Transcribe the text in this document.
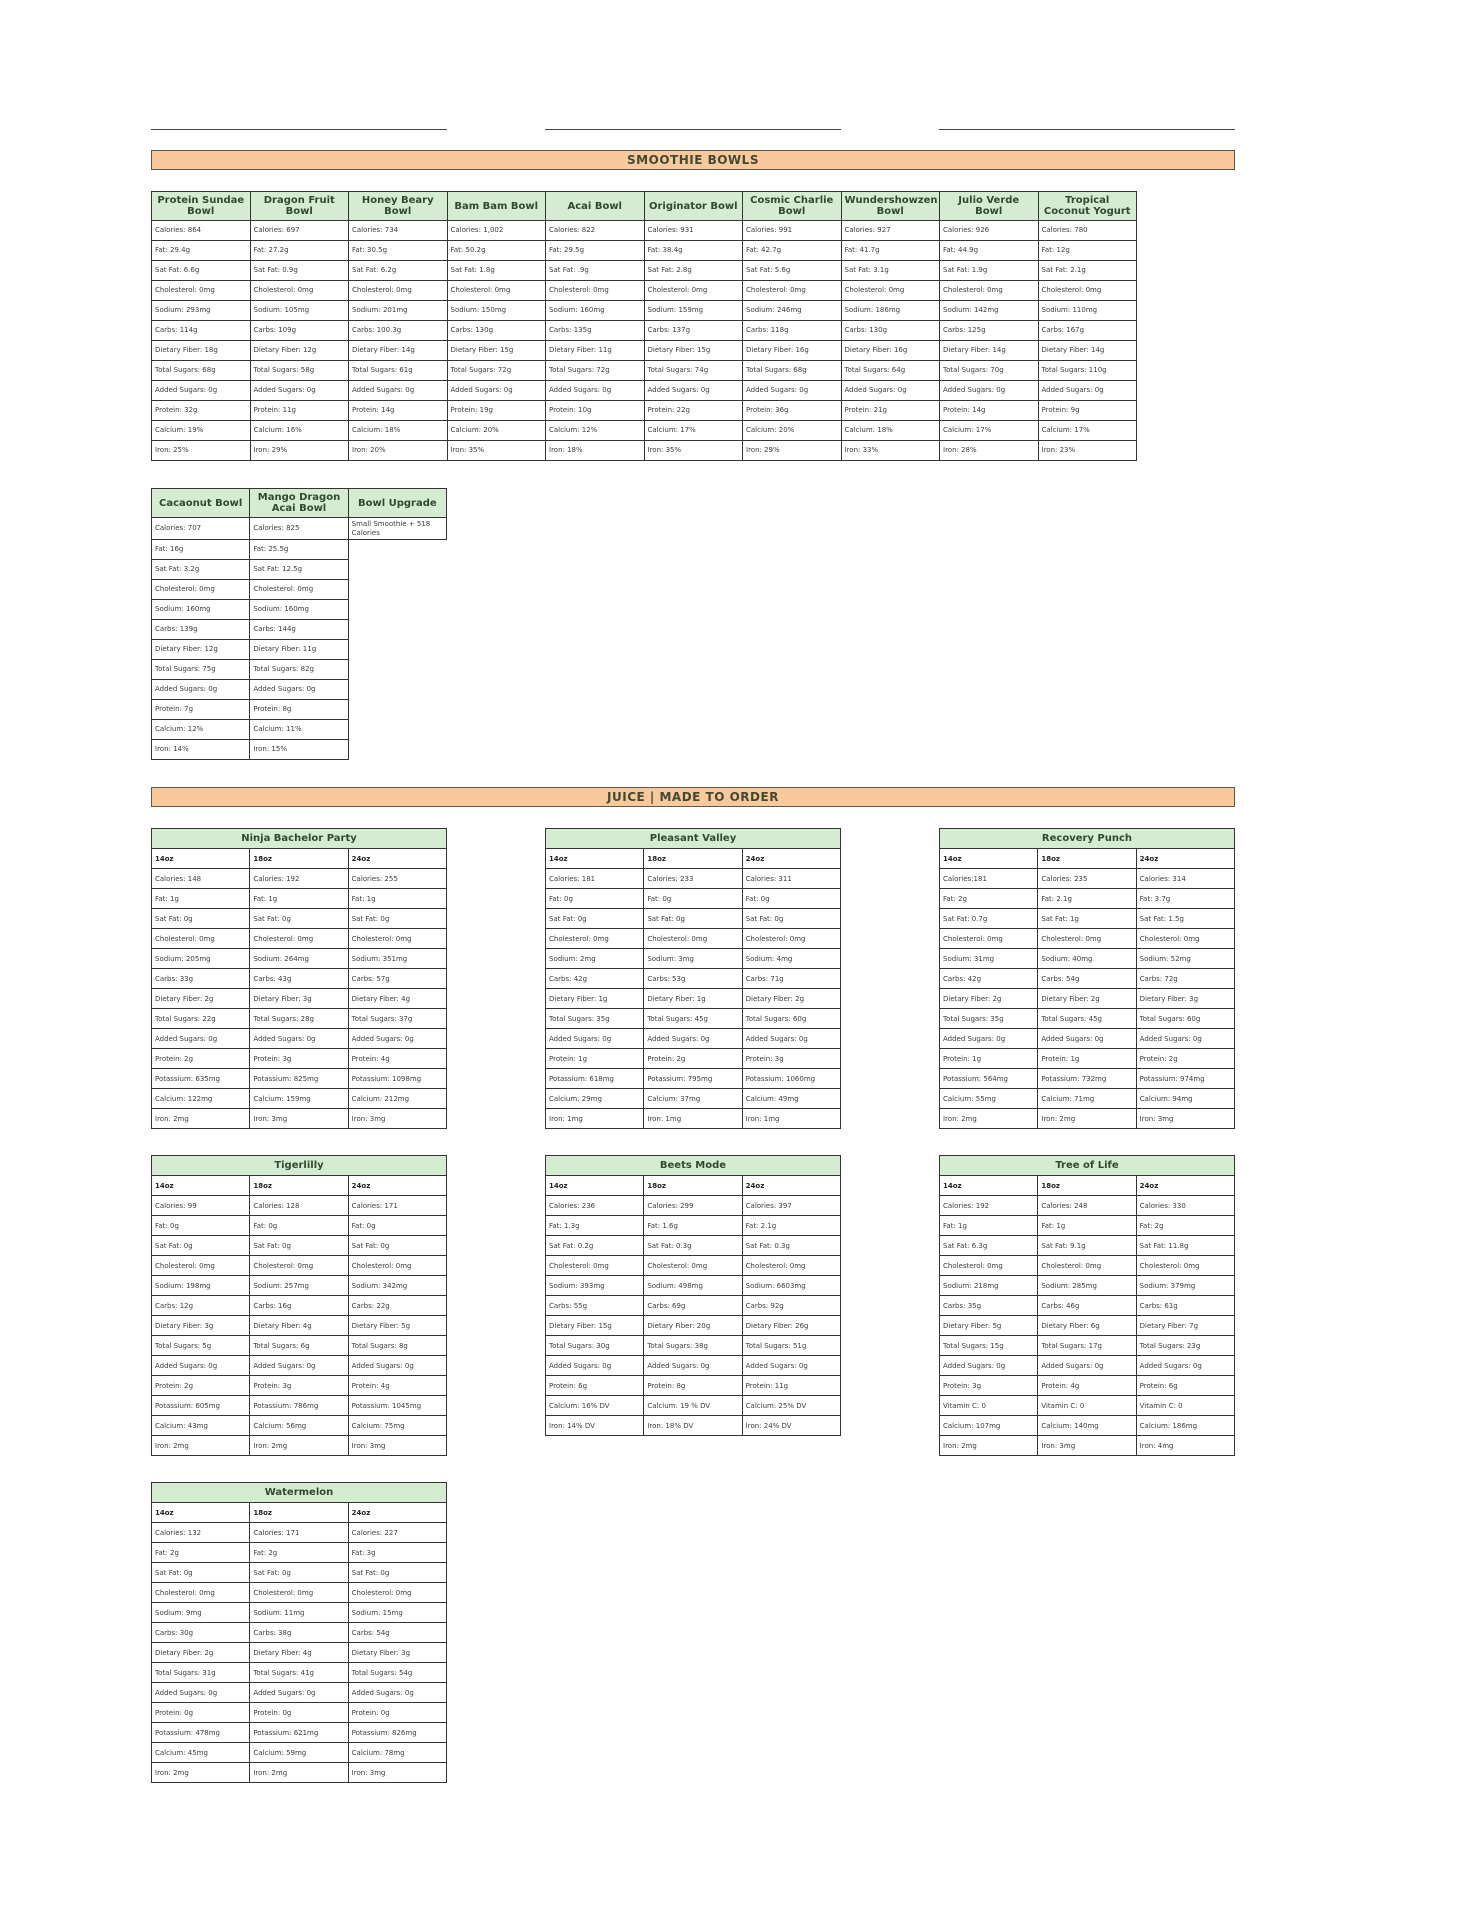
SMOOTHIE BOWLS
JUICE | MADE TO ORDER
Protein Sundae Bowl	Dragon Fruit Bowl	Honey Beary Bowl	Bam Bam Bowl	Acai Bowl	Originator Bowl	Cosmic Charlie Bowl	Wundershowzen Bowl	Julio Verde Bowl	Tropical Coconut Yogurt
Calories: 864	Calories: 697	Calories: 734	Calories: 1,002	Calories: 822	Calories: 931	Calories: 991	Calories: 927	Calories: 926	Calories: 780
Fat: 29.4g	Fat: 27.2g	Fat: 30.5g	Fat: 50.2g	Fat: 29.5g	Fat: 38.4g	Fat: 42.7g	Fat: 41.7g	Fat: 44.9g	Fat: 12g
Sat Fat: 6.6g	Sat Fat: 0.9g	Sat Fat: 6.2g	Sat Fat: 1.8g	Sat Fat: .9g	Sat Fat: 2.8g	Sat Fat: 5.6g	Sat Fat: 3.1g	Sat Fat: 1.9g	Sat Fat: 2.1g
Cholesterol: 0mg	Cholesterol: 0mg	Cholesterol: 0mg	Cholesterol: 0mg	Cholesterol: 0mg	Cholesterol: 0mg	Cholesterol: 0mg	Cholesterol: 0mg	Cholesterol: 0mg	Cholesterol: 0mg
Sodium: 293mg	Sodium: 105mg	Sodium: 201mg	Sodium: 150mg	Sodium: 160mg	Sodium: 159mg	Sodium: 246mg	Sodium: 186mg	Sodium: 142mg	Sodium: 110mg
Carbs: 114g	Carbs: 109g	Carbs: 100.3g	Carbs: 130g	Carbs: 135g	Carbs: 137g	Carbs: 118g	Carbs: 130g	Carbs: 125g	Carbs: 167g
Dietary Fiber: 18g	Dietary Fiber: 12g	Dietary Fiber: 14g	Dietary Fiber: 15g	Dietary Fiber: 11g	Dietary Fiber: 15g	Dietary Fiber: 16g	Dietary Fiber: 16g	Dietary Fiber: 14g	Dietary Fiber: 14g
Total Sugars: 68g	Total Sugars: 58g	Total Sugars: 61g	Total Sugars: 72g	Total Sugars: 72g	Total Sugars: 74g	Total Sugars: 68g	Total Sugars: 64g	Total Sugars: 70g	Total Sugars: 110g
Added Sugars: 0g	Added Sugars: 0g	Added Sugars: 0g	Added Sugars: 0g	Added Sugars: 0g	Added Sugars: 0g	Added Sugars: 0g	Added Sugars: 0g	Added Sugars: 0g	Added Sugars: 0g
Protein: 32g	Protein: 11g	Protein: 14g	Protein: 19g	Protein: 10g	Protein: 22g	Protein: 36g	Protein: 21g	Protein: 14g	Protein: 9g
Calcium: 19%	Calcium: 16%	Calcium: 18%	Calcium: 20%	Calcium: 12%	Calcium: 17%	Calcium: 20%	Calcium: 18%	Calcium: 17%	Calcium: 17%
Iron: 25%	Iron: 29%	Iron: 20%	Iron: 35%	Iron: 18%	Iron: 35%	Iron: 29%	Iron: 33%	Iron: 28%	Iron: 23%
Cacaonut Bowl	Mango Dragon Acai Bowl	Bowl Upgrade
Calories: 707	Calories: 825	Small Smoothie + 518 Calories
Fat: 16g	Fat: 25.5g	
Sat Fat: 3.2g	Sat Fat: 12.5g	
Cholesterol: 0mg	Cholesterol: 0mg	
Sodium: 160mg	Sodium: 160mg	
Carbs: 139g	Carbs: 144g	
Dietary Fiber: 12g	Dietary Fiber: 11g	
Total Sugars: 75g	Total Sugars: 82g	
Added Sugars: 0g	Added Sugars: 0g	
Protein: 7g	Protein: 8g	
Calcium: 12%	Calcium: 11%	
Iron: 14%	Iron: 15%	
Ninja Bachelor Party		
14oz	18oz	24oz
Calories: 148	Calories: 192	Calories: 255
Fat: 1g	Fat: 1g	Fat: 1g
Sat Fat: 0g	Sat Fat: 0g	Sat Fat: 0g
Cholesterol: 0mg	Cholesterol: 0mg	Cholesterol: 0mg
Sodium: 205mg	Sodium: 264mg	Sodium: 351mg
Carbs: 33g	Carbs: 43g	Carbs: 57g
Dietary Fiber: 2g	Dietary Fiber: 3g	Dietary Fiber: 4g
Total Sugars: 22g	Total Sugars: 28g	Total Sugars: 37g
Added Sugars: 0g	Added Sugars: 0g	Added Sugars: 0g
Protein: 2g	Protein: 3g	Protein: 4g
Potassium: 635mg	Potassium: 825mg	Potassium: 1098mg
Calcium: 122mg	Calcium: 159mg	Calcium: 212mg
Iron: 2mg	Iron: 3mg	Iron: 3mg
Pleasant Valley		
14oz	18oz	24oz
Calories: 181	Calories: 233	Calories: 311
Fat: 0g	Fat: 0g	Fat: 0g
Sat Fat: 0g	Sat Fat: 0g	Sat Fat: 0g
Cholesterol: 0mg	Cholesterol: 0mg	Cholesterol: 0mg
Sodium: 2mg	Sodium: 3mg	Sodium: 4mg
Carbs: 42g	Carbs: 53g	Carbs: 71g
Dietary Fiber: 1g	Dietary Fiber: 1g	Dietary Fiber: 2g
Total Sugars: 35g	Total Sugars: 45g	Total Sugars: 60g
Added Sugars: 0g	Added Sugars: 0g	Added Sugars: 0g
Protein: 1g	Protein: 2g	Protein: 3g
Potassium: 618mg	Potassium: 795mg	Potassium: 1060mg
Calcium: 29mg	Calcium: 37mg	Calcium: 49mg
Iron: 1mg	Iron: 1mg	Iron: 1mg
Recovery Punch		
14oz	18oz	24oz
Calories:181	Calories: 235	Calories: 314
Fat: 2g	Fat: 2.1g	Fat: 3.7g
Sat Fat: 0.7g	Sat Fat: 1g	Sat Fat: 1.5g
Cholesterol: 0mg	Cholesterol: 0mg	Cholesterol: 0mg
Sodium: 31mg	Sodium: 40mg	Sodium: 52mg
Carbs: 42g	Carbs: 54g	Carbs: 72g
Dietary Fiber: 2g	Dietary Fiber: 2g	Dietary Fiber: 3g
Total Sugars: 35g	Total Sugars: 45g	Total Sugars: 60g
Added Sugars: 0g	Added Sugars: 0g	Added Sugars: 0g
Protein: 1g	Protein: 1g	Protein: 2g
Potassium: 564mg	Potassium: 732mg	Potassium: 974mg
Calcium: 55mg	Calcium: 71mg	Calcium: 94mg
Iron: 2mg	Iron: 2mg	Iron: 3mg
Tigerlilly		
14oz	18oz	24oz
Calories: 99	Calories: 128	Calories: 171
Fat: 0g	Fat: 0g	Fat: 0g
Sat Fat: 0g	Sat Fat: 0g	Sat Fat: 0g
Cholesterol: 0mg	Cholesterol: 0mg	Cholesterol: 0mg
Sodium: 198mg	Sodium: 257mg	Sodium: 342mg
Carbs: 12g	Carbs: 16g	Carbs: 22g
Dietary Fiber: 3g	Dietary Fiber: 4g	Dietary Fiber: 5g
Total Sugars: 5g	Total Sugars: 6g	Total Sugars: 8g
Added Sugars: 0g	Added Sugars: 0g	Added Sugars: 0g
Protein: 2g	Protein: 3g	Protein: 4g
Potassium: 605mg	Potassium: 786mg	Potassium: 1045mg
Calcium: 43mg	Calcium: 56mg	Calcium: 75mg
Iron: 2mg	Iron: 2mg	Iron: 3mg
Beets Mode		
14oz	18oz	24oz
Calories: 236	Calories: 299	Calories: 397
Fat: 1.3g	Fat: 1.6g	Fat: 2.1g
Sat Fat: 0.2g	Sat Fat: 0.3g	Sat Fat: 0.3g
Cholesterol: 0mg	Cholesterol: 0mg	Cholesterol: 0mg
Sodium: 393mg	Sodium: 498mg	Sodium: 6603mg
Carbs: 55g	Carbs: 69g	Carbs: 92g
Dietary Fiber: 15g	Dietary Fiber: 20g	Dietary Fiber: 26g
Total Sugars: 30g	Total Sugars: 38g	Total Sugars: 51g
Added Sugars: 0g	Added Sugars: 0g	Added Sugars: 0g
Protein: 6g	Protein: 8g	Protein: 11g
Calcium: 16% DV	Calcium: 19 % DV	Calcium: 25% DV
Iron: 14% DV	Iron: 18% DV	Iron: 24% DV
Tree of Life		
14oz	18oz	24oz
Calories: 192	Calories: 248	Calories: 330
Fat: 1g	Fat: 1g	Fat: 2g
Sat Fat: 6.3g	Sat Fat: 9.1g	Sat Fat: 11.8g
Cholesterol: 0mg	Cholesterol: 0mg	Cholesterol: 0mg
Sodium: 218mg	Sodium: 285mg	Sodium: 379mg
Carbs: 35g	Carbs: 46g	Carbs: 61g
Dietary Fiber: 5g	Dietary Fiber: 6g	Dietary Fiber: 7g
Total Sugars: 15g	Total Sugars: 17g	Total Sugars: 23g
Added Sugars: 0g	Added Sugars: 0g	Added Sugars: 0g
Protein: 3g	Protein: 4g	Protein: 6g
Vitamin C: 0	Vitamin C: 0	Vitamin C: 0
Calcium: 107mg	Calcium: 140mg	Calcium: 186mg
Iron: 2mg	Iron: 3mg	Iron: 4mg
Watermelon		
14oz	18oz	24oz
Calories: 132	Calories: 171	Calories: 227
Fat: 2g	Fat: 2g	Fat: 3g
Sat Fat: 0g	Sat Fat: 0g	Sat Fat: 0g
Cholesterol: 0mg	Cholesterol: 0mg	Cholesterol: 0mg
Sodium: 9mg	Sodium: 11mg	Sodium: 15mg
Carbs: 30g	Carbs: 38g	Carbs: 54g
Dietary Fiber: 2g	Dietary Fiber: 4g	Dietary Fiber: 3g
Total Sugars: 31g	Total Sugars: 41g	Total Sugars: 54g
Added Sugars: 0g	Added Sugars: 0g	Added Sugars: 0g
Protein: 0g	Protein: 0g	Protein: 0g
Potassium: 478mg	Potassium: 621mg	Potassium: 826mg
Calcium: 45mg	Calcium: 59mg	Calcium: 78mg
Iron: 2mg	Iron: 2mg	Iron: 3mg
